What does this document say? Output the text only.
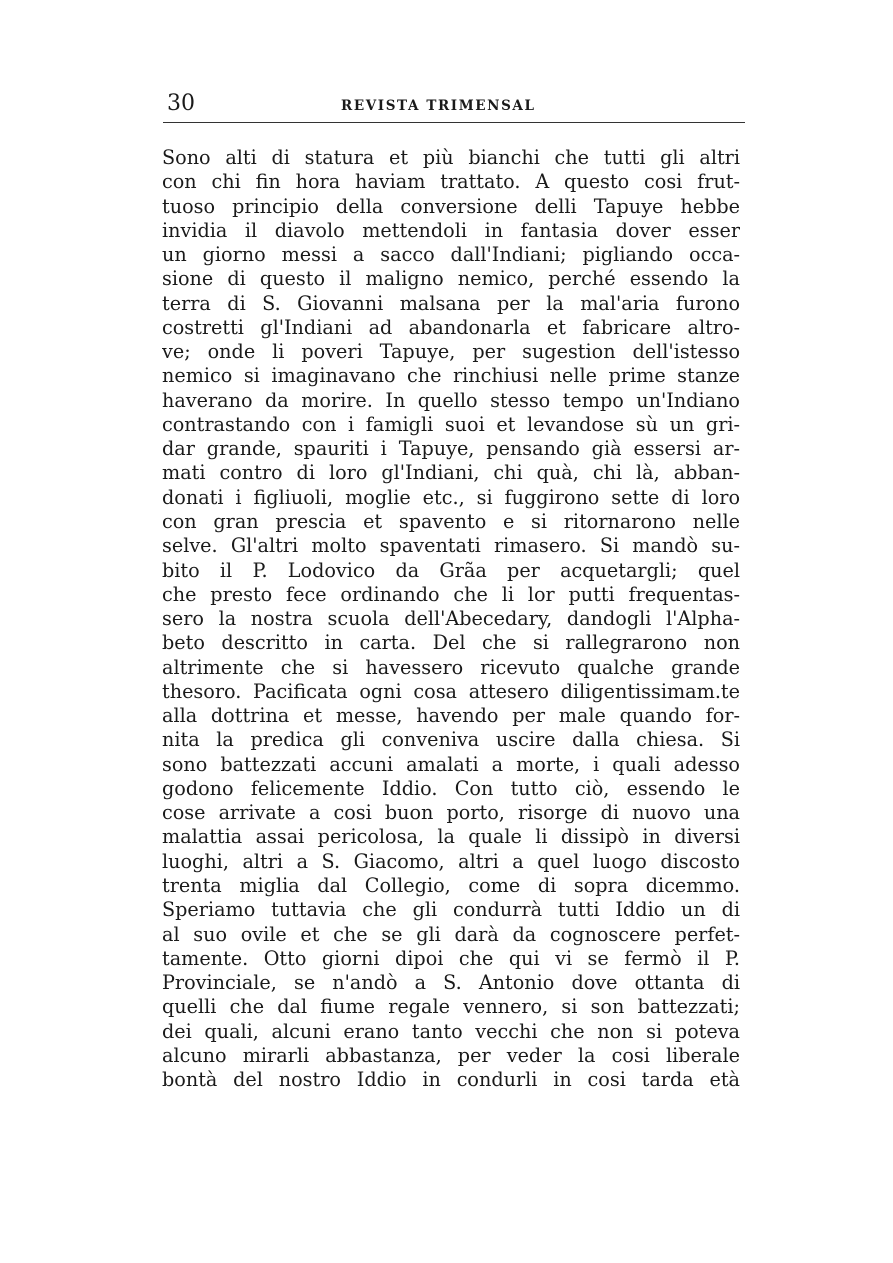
30	REVISTA TRIMENSAL
Sono alti di statura et più bianchi che tutti gli altri
con chi fin hora haviam trattato. A questo cosi frut-
tuoso principio della conversione delli Tapuye hebbe
invidia il diavolo mettendoli in fantasia dover esser
un giorno messi a sacco dall'Indiani; pigliando occa-
sione di questo il maligno nemico, perché essendo la
terra di S. Giovanni malsana per la mal'aria furono
costretti gl'Indiani ad abandonarla et fabricare altro-
ve; onde li poveri Tapuye, per sugestion dell'istesso
nemico si imaginavano che rinchiusi nelle prime stanze
haverano da morire. In quello stesso tempo un'Indiano
contrastando con i famigli suoi et levandose sù un gri-
dar grande, spauriti i Tapuye, pensando già essersi ar-
mati contro di loro gl'Indiani, chi quà, chi là, abban-
donati i figliuoli, moglie etc., si fuggirono sette di loro
con gran prescia et spavento e si ritornarono nelle
selve. Gl'altri molto spaventati rimasero. Si mandò su-
bito il P. Lodovico da Grãa per acquetargli; quel
che presto fece ordinando che li lor putti frequentas-
sero la nostra scuola dell'Abecedary, dandogli l'Alpha-
beto descritto in carta. Del che si rallegrarono non
altrimente che si havessero ricevuto qualche grande
thesoro. Pacificata ogni cosa attesero diligentissimam.te
alla dottrina et messe, havendo per male quando for-
nita la predica gli conveniva uscire dalla chiesa. Si
sono battezzati accuni amalati a morte, i quali adesso
godono felicemente Iddio. Con tutto ciò, essendo le
cose arrivate a cosi buon porto, risorge di nuovo una
malattia assai pericolosa, la quale li dissipò in diversi
luoghi, altri a S. Giacomo, altri a quel luogo discosto
trenta miglia dal Collegio, come di sopra dicemmo.
Speriamo tuttavia che gli condurrà tutti Iddio un di
al suo ovile et che se gli darà da cognoscere perfet-
tamente. Otto giorni dipoi che qui vi se fermò il P.
Provinciale, se n'andò a S. Antonio dove ottanta di
quelli che dal fiume regale vennero, si son battezzati;
dei quali, alcuni erano tanto vecchi che non si poteva
alcuno mirarli abbastanza, per veder la cosi liberale
bontà del nostro Iddio in condurli in cosi tarda età
